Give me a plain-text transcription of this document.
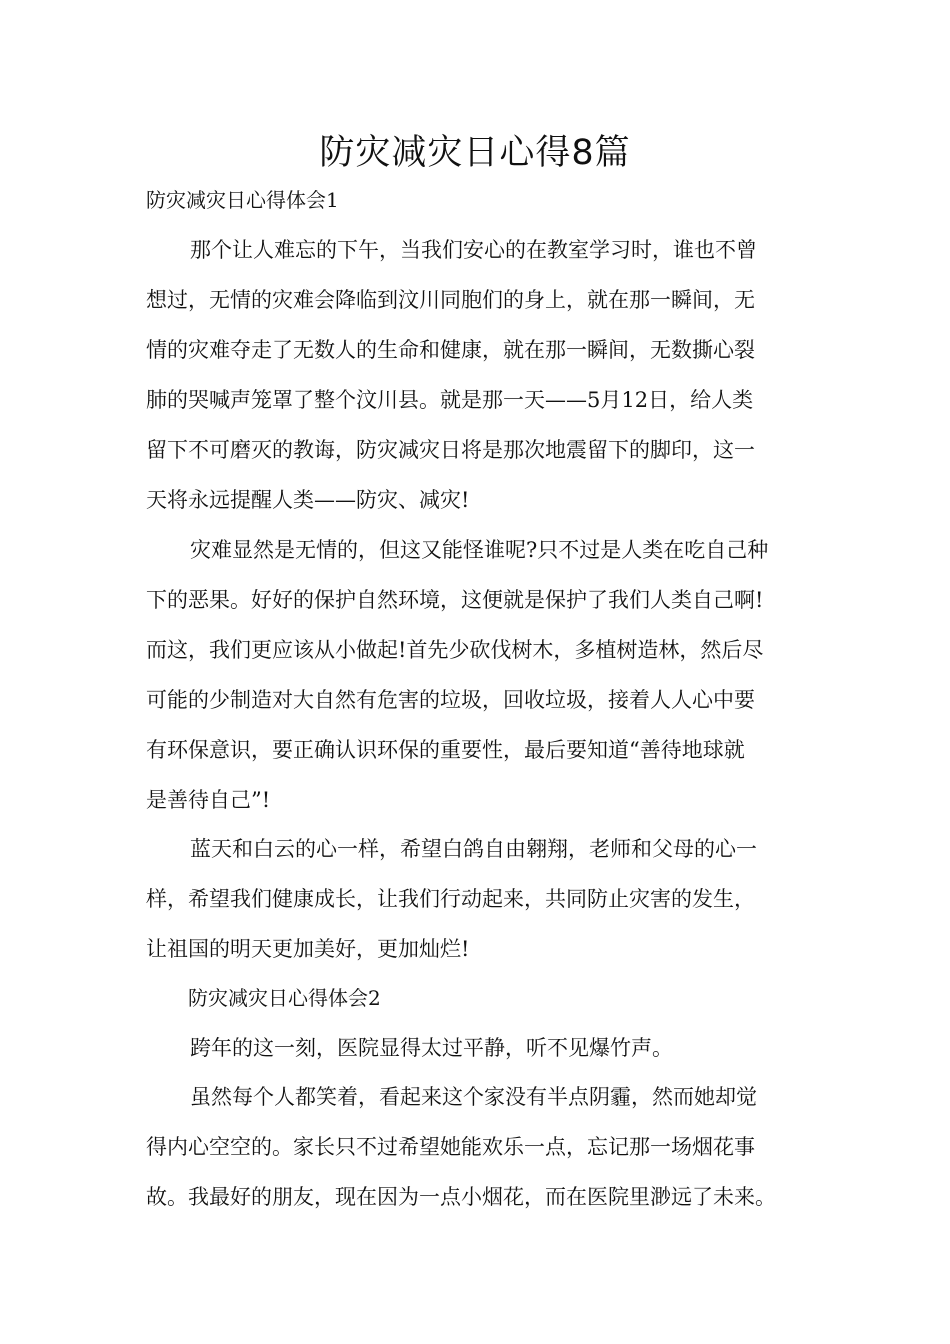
防灾减灾日心得8篇

防灾减灾日心得体会1

那个让人难忘的下午，当我们安心的在教室学习时，谁也不曾
想过，无情的灾难会降临到汶川同胞们的身上，就在那一瞬间，无
情的灾难夺走了无数人的生命和健康，就在那一瞬间，无数撕心裂
肺的哭喊声笼罩了整个汶川县。就是那一天——5月12日，给人类
留下不可磨灭的教诲，防灾减灾日将是那次地震留下的脚印，这一
天将永远提醒人类——防灾、减灾!
灾难显然是无情的，但这又能怪谁呢?只不过是人类在吃自己种
下的恶果。好好的保护自然环境，这便就是保护了我们人类自己啊!
而这，我们更应该从小做起!首先少砍伐树木，多植树造林，然后尽
可能的少制造对大自然有危害的垃圾，回收垃圾，接着人人心中要
有环保意识，要正确认识环保的重要性，最后要知道“善待地球就
是善待自己”!
蓝天和白云的心一样，希望白鸽自由翱翔，老师和父母的心一
样，希望我们健康成长，让我们行动起来，共同防止灾害的发生，
让祖国的明天更加美好，更加灿烂!

防灾减灾日心得体会2

跨年的这一刻，医院显得太过平静，听不见爆竹声。
虽然每个人都笑着，看起来这个家没有半点阴霾，然而她却觉
得内心空空的。家长只不过希望她能欢乐一点，忘记那一场烟花事
故。我最好的朋友，现在因为一点小烟花，而在医院里渺远了未来。
